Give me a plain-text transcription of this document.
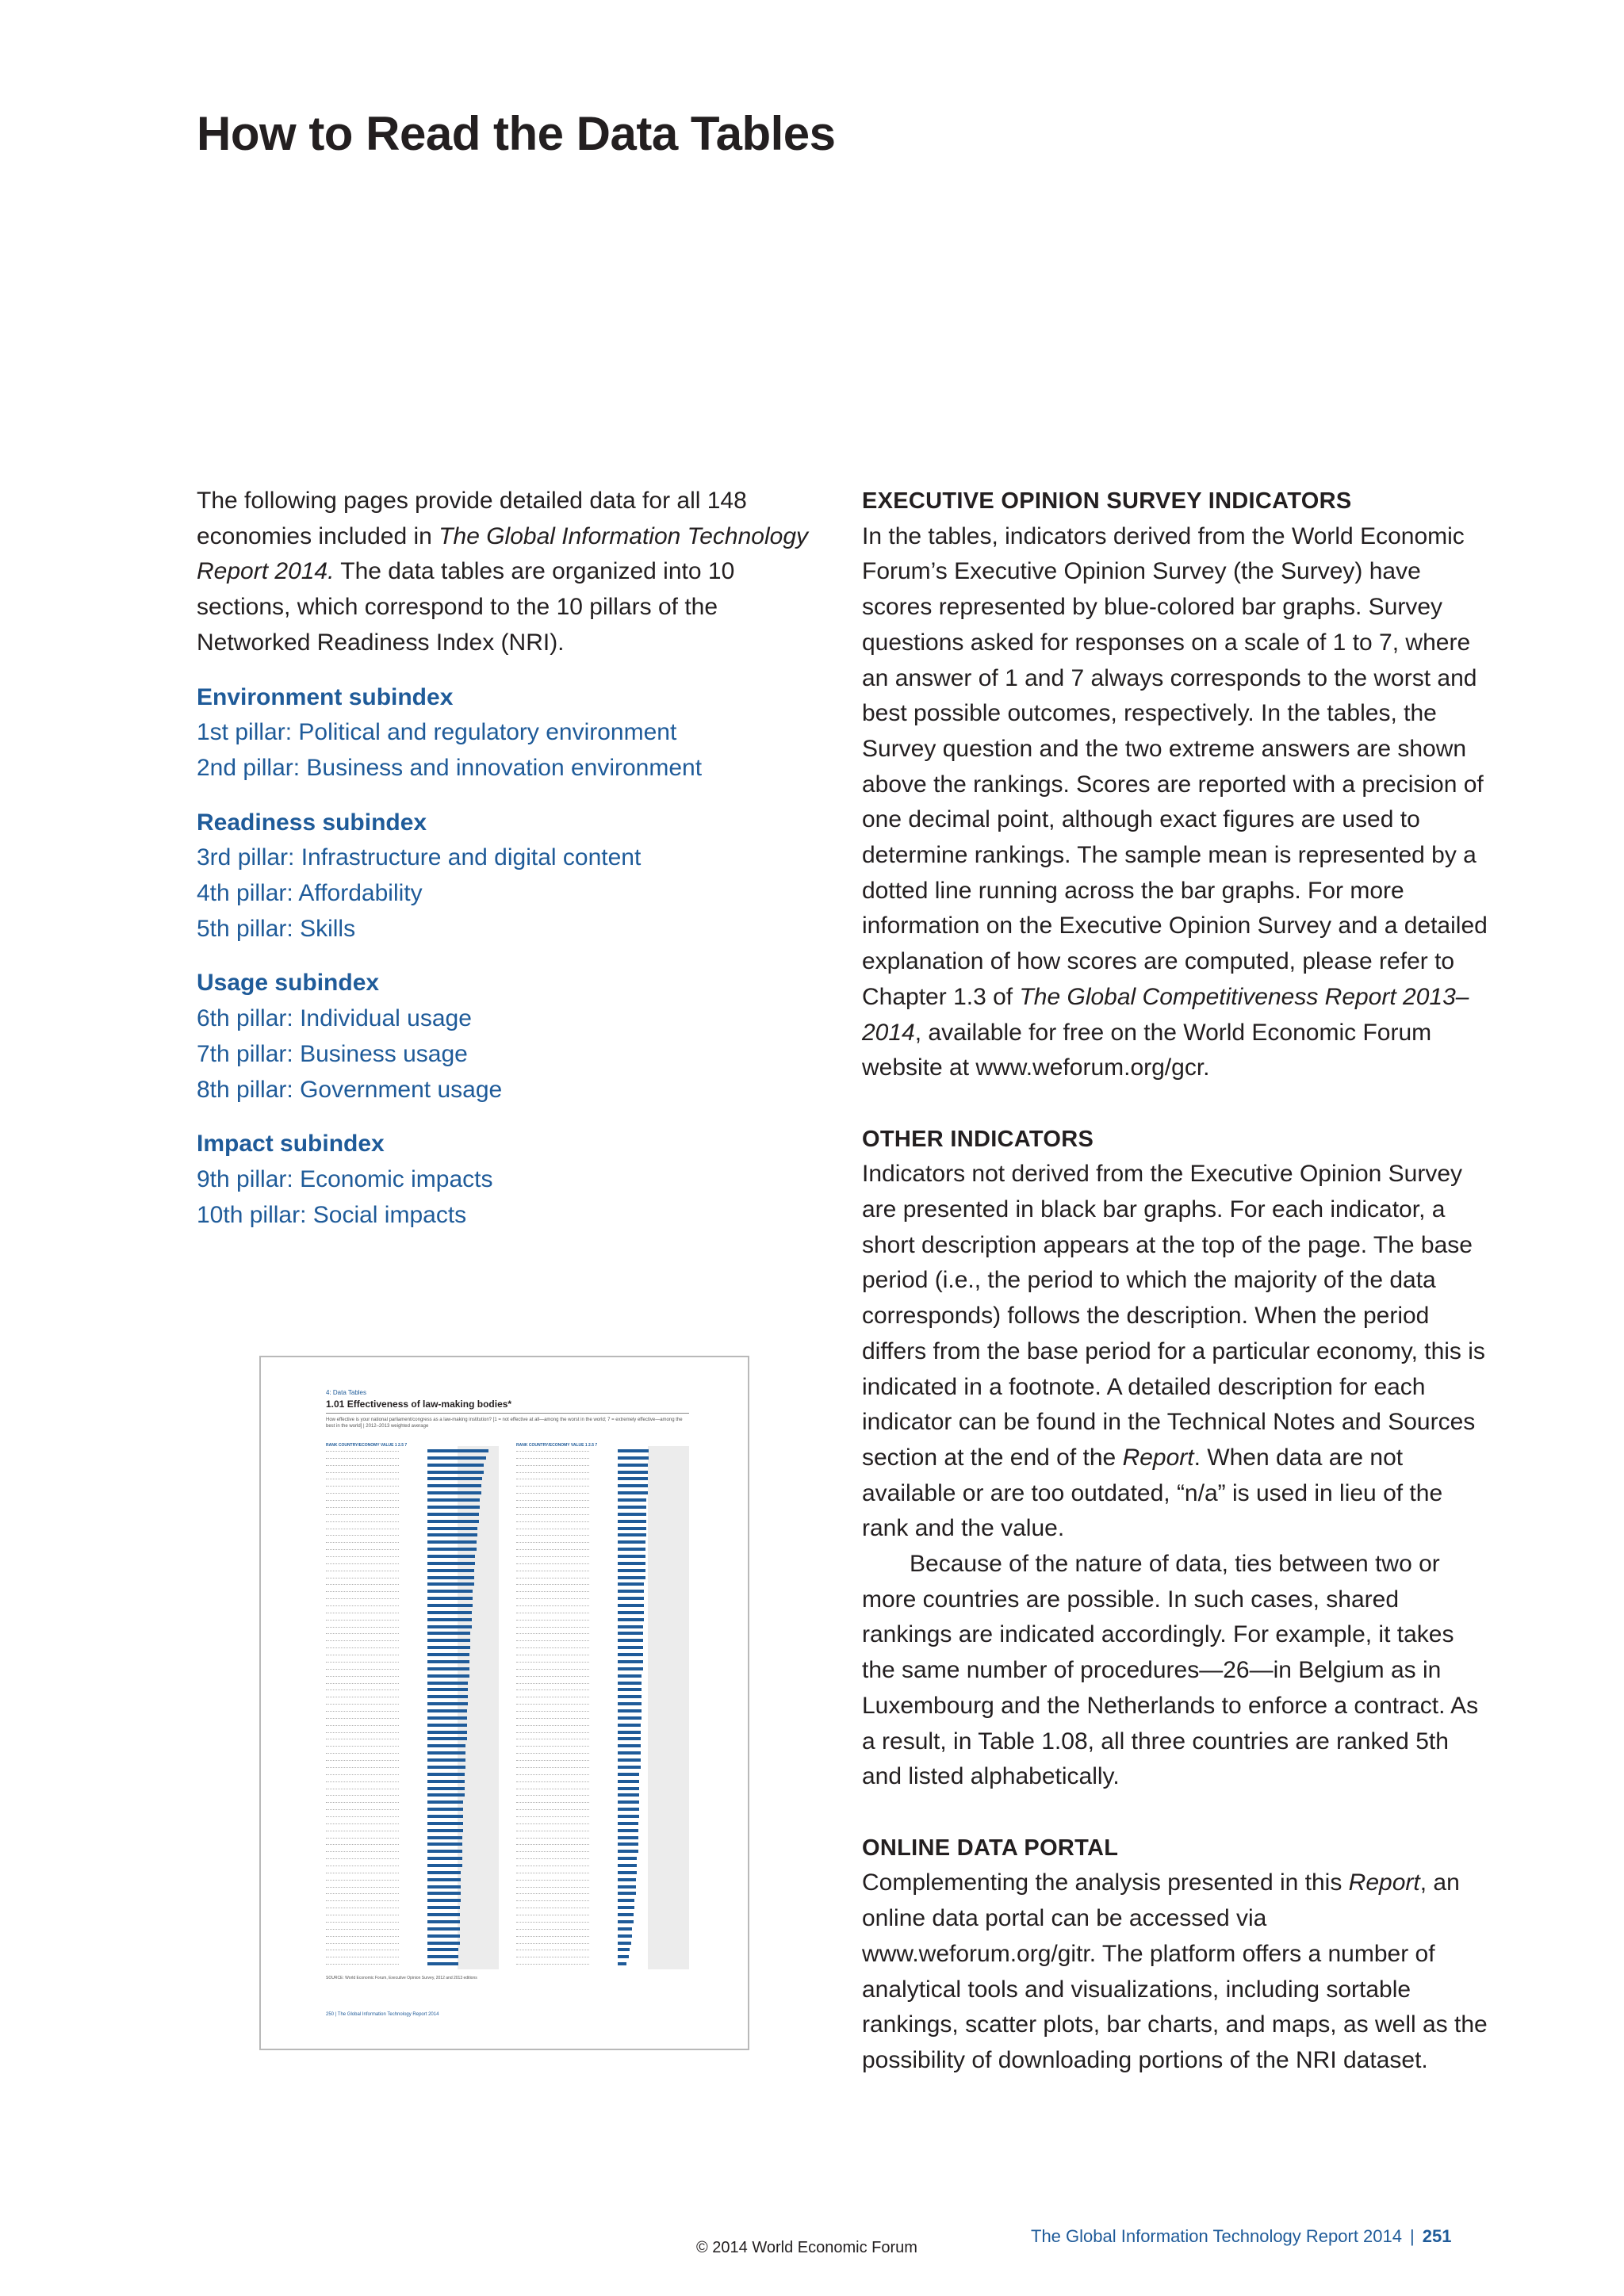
How to Read the Data Tables

The following pages provide detailed data for all 148 economies included in The Global Information Technology Report 2014. The data tables are organized into 10 sections, which correspond to the 10 pillars of the Networked Readiness Index (NRI).

Environment subindex

1st pillar: Political and regulatory environment

2nd pillar: Business and innovation environment

Readiness subindex

3rd pillar: Infrastructure and digital content

4th pillar: Affordability

5th pillar: Skills

Usage subindex

6th pillar: Individual usage

7th pillar: Business usage

8th pillar: Government usage

Impact subindex

9th pillar: Economic impacts

10th pillar: Social impacts

4: Data Tables
1.01 Effectiveness of law-making bodies*
How effective is your national parliament/congress as a law-making institution? [1 = not effective at all—among the worst in the world; 7 = extremely effective—among the best in the world] | 2012–2013 weighted average
RANK COUNTRY/ECONOMY VALUE 1 2.5 7	RANK COUNTRY/ECONOMY VALUE 1 2.5 7
SOURCE: World Economic Forum, Executive Opinion Survey, 2012 and 2013 editions
250 | The Global Information Technology Report 2014

EXECUTIVE OPINION SURVEY INDICATORS

In the tables, indicators derived from the World Economic Forum’s Executive Opinion Survey (the Survey) have scores represented by blue-colored bar graphs. Survey questions asked for responses on a scale of 1 to 7, where an answer of 1 and 7 always corresponds to the worst and best possible outcomes, respectively. In the tables, the Survey question and the two extreme answers are shown above the rankings. Scores are reported with a precision of one decimal point, although exact figures are used to determine rankings. The sample mean is represented by a dotted line running across the bar graphs. For more information on the Executive Opinion Survey and a detailed explanation of how scores are computed, please refer to Chapter 1.3 of The Global Competitiveness Report 2013–2014, available for free on the World Economic Forum website at www.weforum.org/gcr.

OTHER INDICATORS

Indicators not derived from the Executive Opinion Survey are presented in black bar graphs. For each indicator, a short description appears at the top of the page. The base period (i.e., the period to which the majority of the data corresponds) follows the description. When the period differs from the base period for a particular economy, this is indicated in a footnote. A detailed description for each indicator can be found in the Technical Notes and Sources section at the end of the Report. When data are not available or are too outdated, “n/a” is used in lieu of the rank and the value.

Because of the nature of data, ties between two or more countries are possible. In such cases, shared rankings are indicated accordingly. For example, it takes the same number of procedures—26—in Belgium as in Luxembourg and the Netherlands to enforce a contract. As a result, in Table 1.08, all three countries are ranked 5th and listed alphabetically.

ONLINE DATA PORTAL

Complementing the analysis presented in this Report, an online data portal can be accessed via www.weforum.org/gitr. The platform offers a number of analytical tools and visualizations, including sortable rankings, scatter plots, bar charts, and maps, as well as the possibility of downloading portions of the NRI dataset.

© 2014 World Economic Forum
The Global Information Technology Report 2014 | 251
